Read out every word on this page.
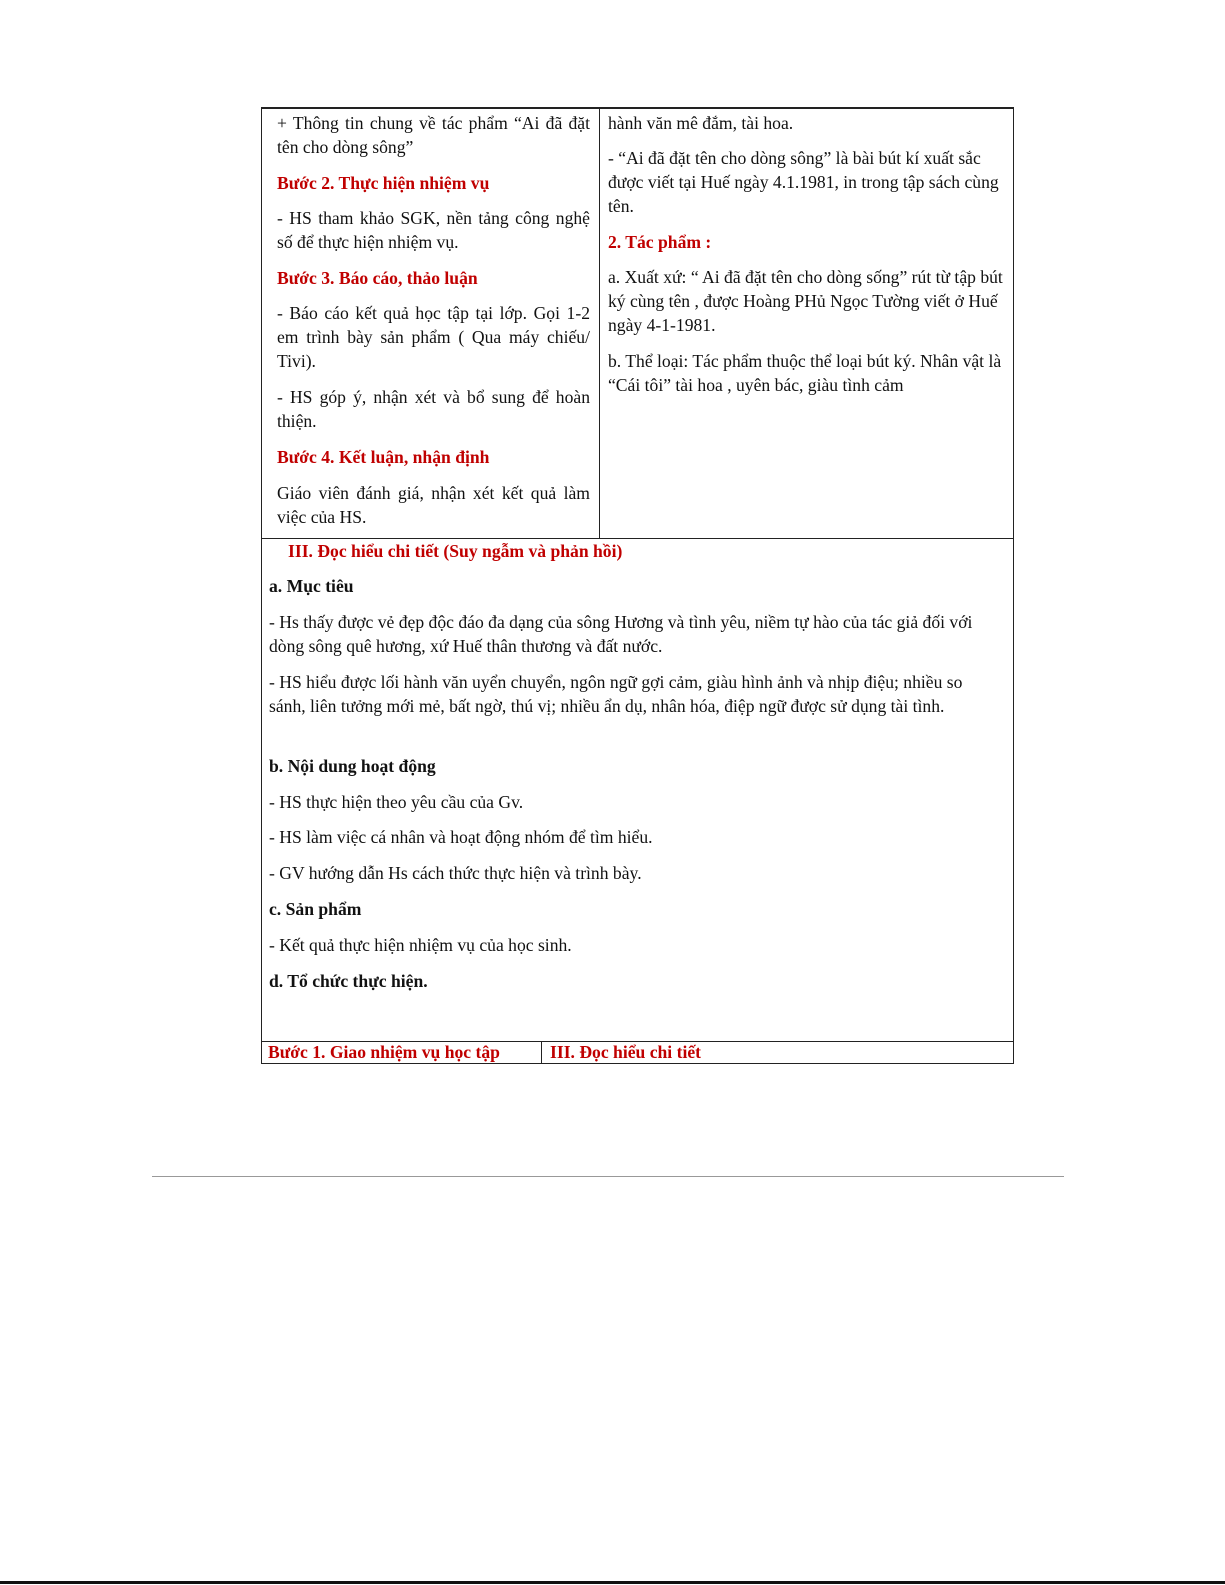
+ Thông tin chung về tác phẩm “Ai đã đặt tên cho dòng sông”

Bước 2. Thực hiện nhiệm vụ

- HS tham khảo SGK, nền tảng công nghệ số để thực hiện nhiệm vụ.

Bước 3. Báo cáo, thảo luận

- Báo cáo kết quả học tập tại lớp. Gọi 1-2 em trình bày sản phẩm ( Qua máy chiếu/ Tivi).

- HS góp ý, nhận xét và bổ sung để hoàn thiện.

Bước 4. Kết luận, nhận định

Giáo viên đánh giá, nhận xét kết quả làm việc của HS.

hành văn mê đắm, tài hoa.

- “Ai đã đặt tên cho dòng sông” là bài bút kí xuất sắc được viết tại Huế ngày 4.1.1981, in trong tập sách cùng tên.

2. Tác phẩm :

a. Xuất xứ: “ Ai đã đặt tên cho dòng sống” rút từ tập bút ký cùng tên , được Hoàng PHủ Ngọc Tường viết ở Huế ngày 4-1-1981.

b. Thể loại: Tác phẩm thuộc thể loại bút ký. Nhân vật là “Cái tôi” tài hoa , uyên bác, giàu tình cảm

III. Đọc hiểu chi tiết (Suy ngẫm và phản hồi)

a. Mục tiêu

- Hs thấy được vẻ đẹp độc đáo đa dạng của sông Hương và tình yêu, niềm tự hào của tác giả đối với dòng sông quê hương, xứ Huế thân thương và đất nước.

- HS hiểu được lối hành văn uyển chuyển, ngôn ngữ gợi cảm, giàu hình ảnh và nhịp điệu; nhiều so sánh, liên tưởng mới mẻ, bất ngờ, thú vị; nhiều ẩn dụ, nhân hóa, điệp ngữ được sử dụng tài tình.

b. Nội dung hoạt động

- HS thực hiện theo yêu cầu của Gv.

- HS làm việc cá nhân và hoạt động nhóm để tìm hiểu.

- GV hướng dẫn Hs cách thức thực hiện và trình bày.

c. Sản phẩm

- Kết quả thực hiện nhiệm vụ của học sinh.

d. Tổ chức thực hiện.

Bước 1. Giao nhiệm vụ học tập	III. Đọc hiểu chi tiết
